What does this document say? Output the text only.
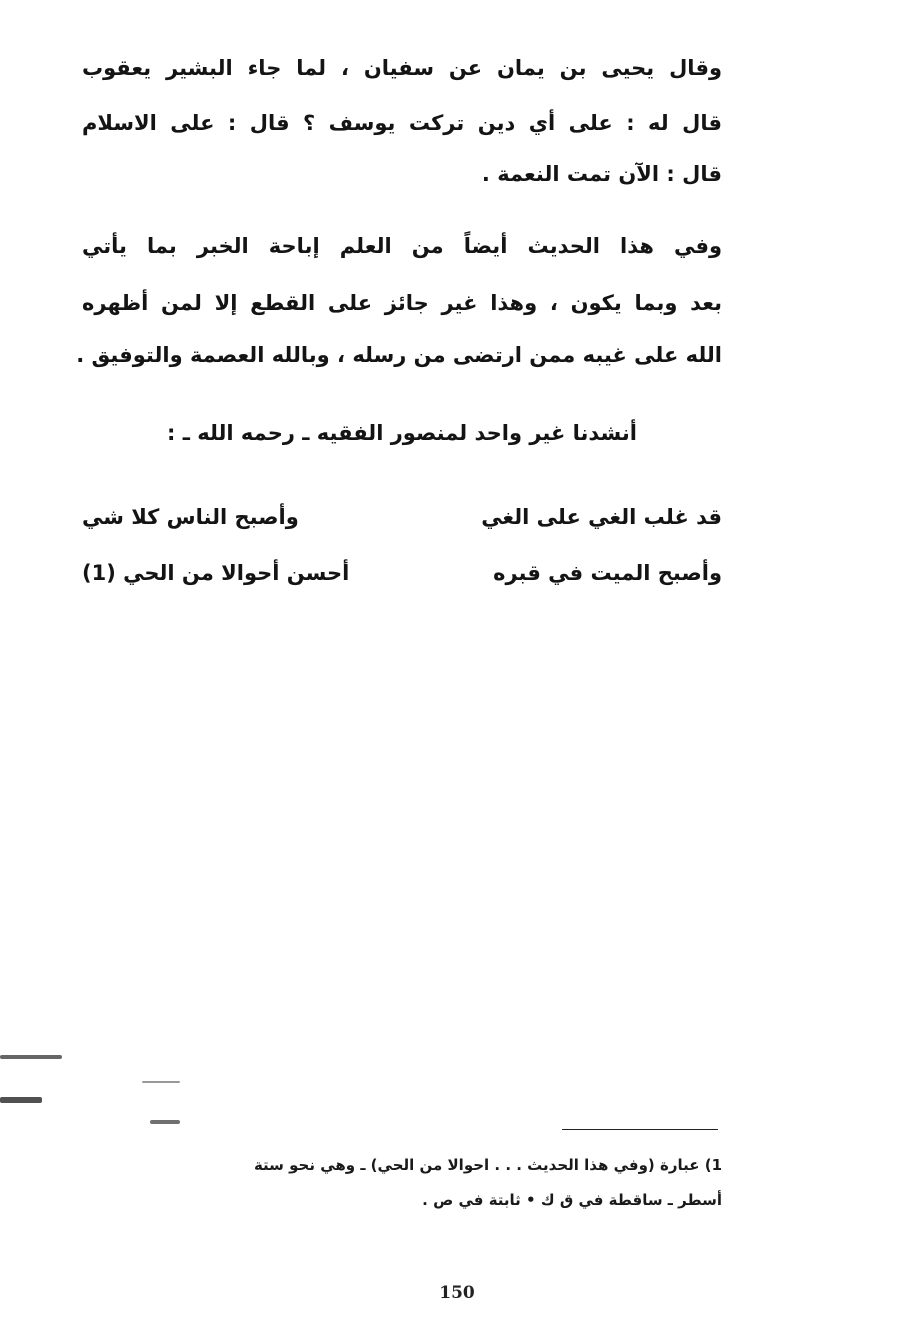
وقال يحيى بن يمان عن سفيان ، لما جاء البشير يعقوب
قال له : على أي دين تركت يوسف ؟ قال : على الاسلام
قال : الآن تمت النعمة .
وفي هذا الحديث أيضاً من العلم إباحة الخبر بما يأتي
بعد وبما يكون ، وهذا غير جائز على القطع إلا لمن أظهره
الله على غيبه ممن ارتضى من رسله ، وبالله العصمة والتوفيق .
أنشدنا غير واحد لمنصور الفقيه ـ رحمه الله ـ :
قد غلب الغي على الغي
وأصبح الناس كلا شي
وأصبح الميت في قبره
أحسن أحوالا من الحي (1)
1) عبارة (وفي هذا الحديث . . . احوالا من الحي) ـ وهي نحو ستة
أسطر ـ ساقطة في ق ك • ثابتة في ص .
150
